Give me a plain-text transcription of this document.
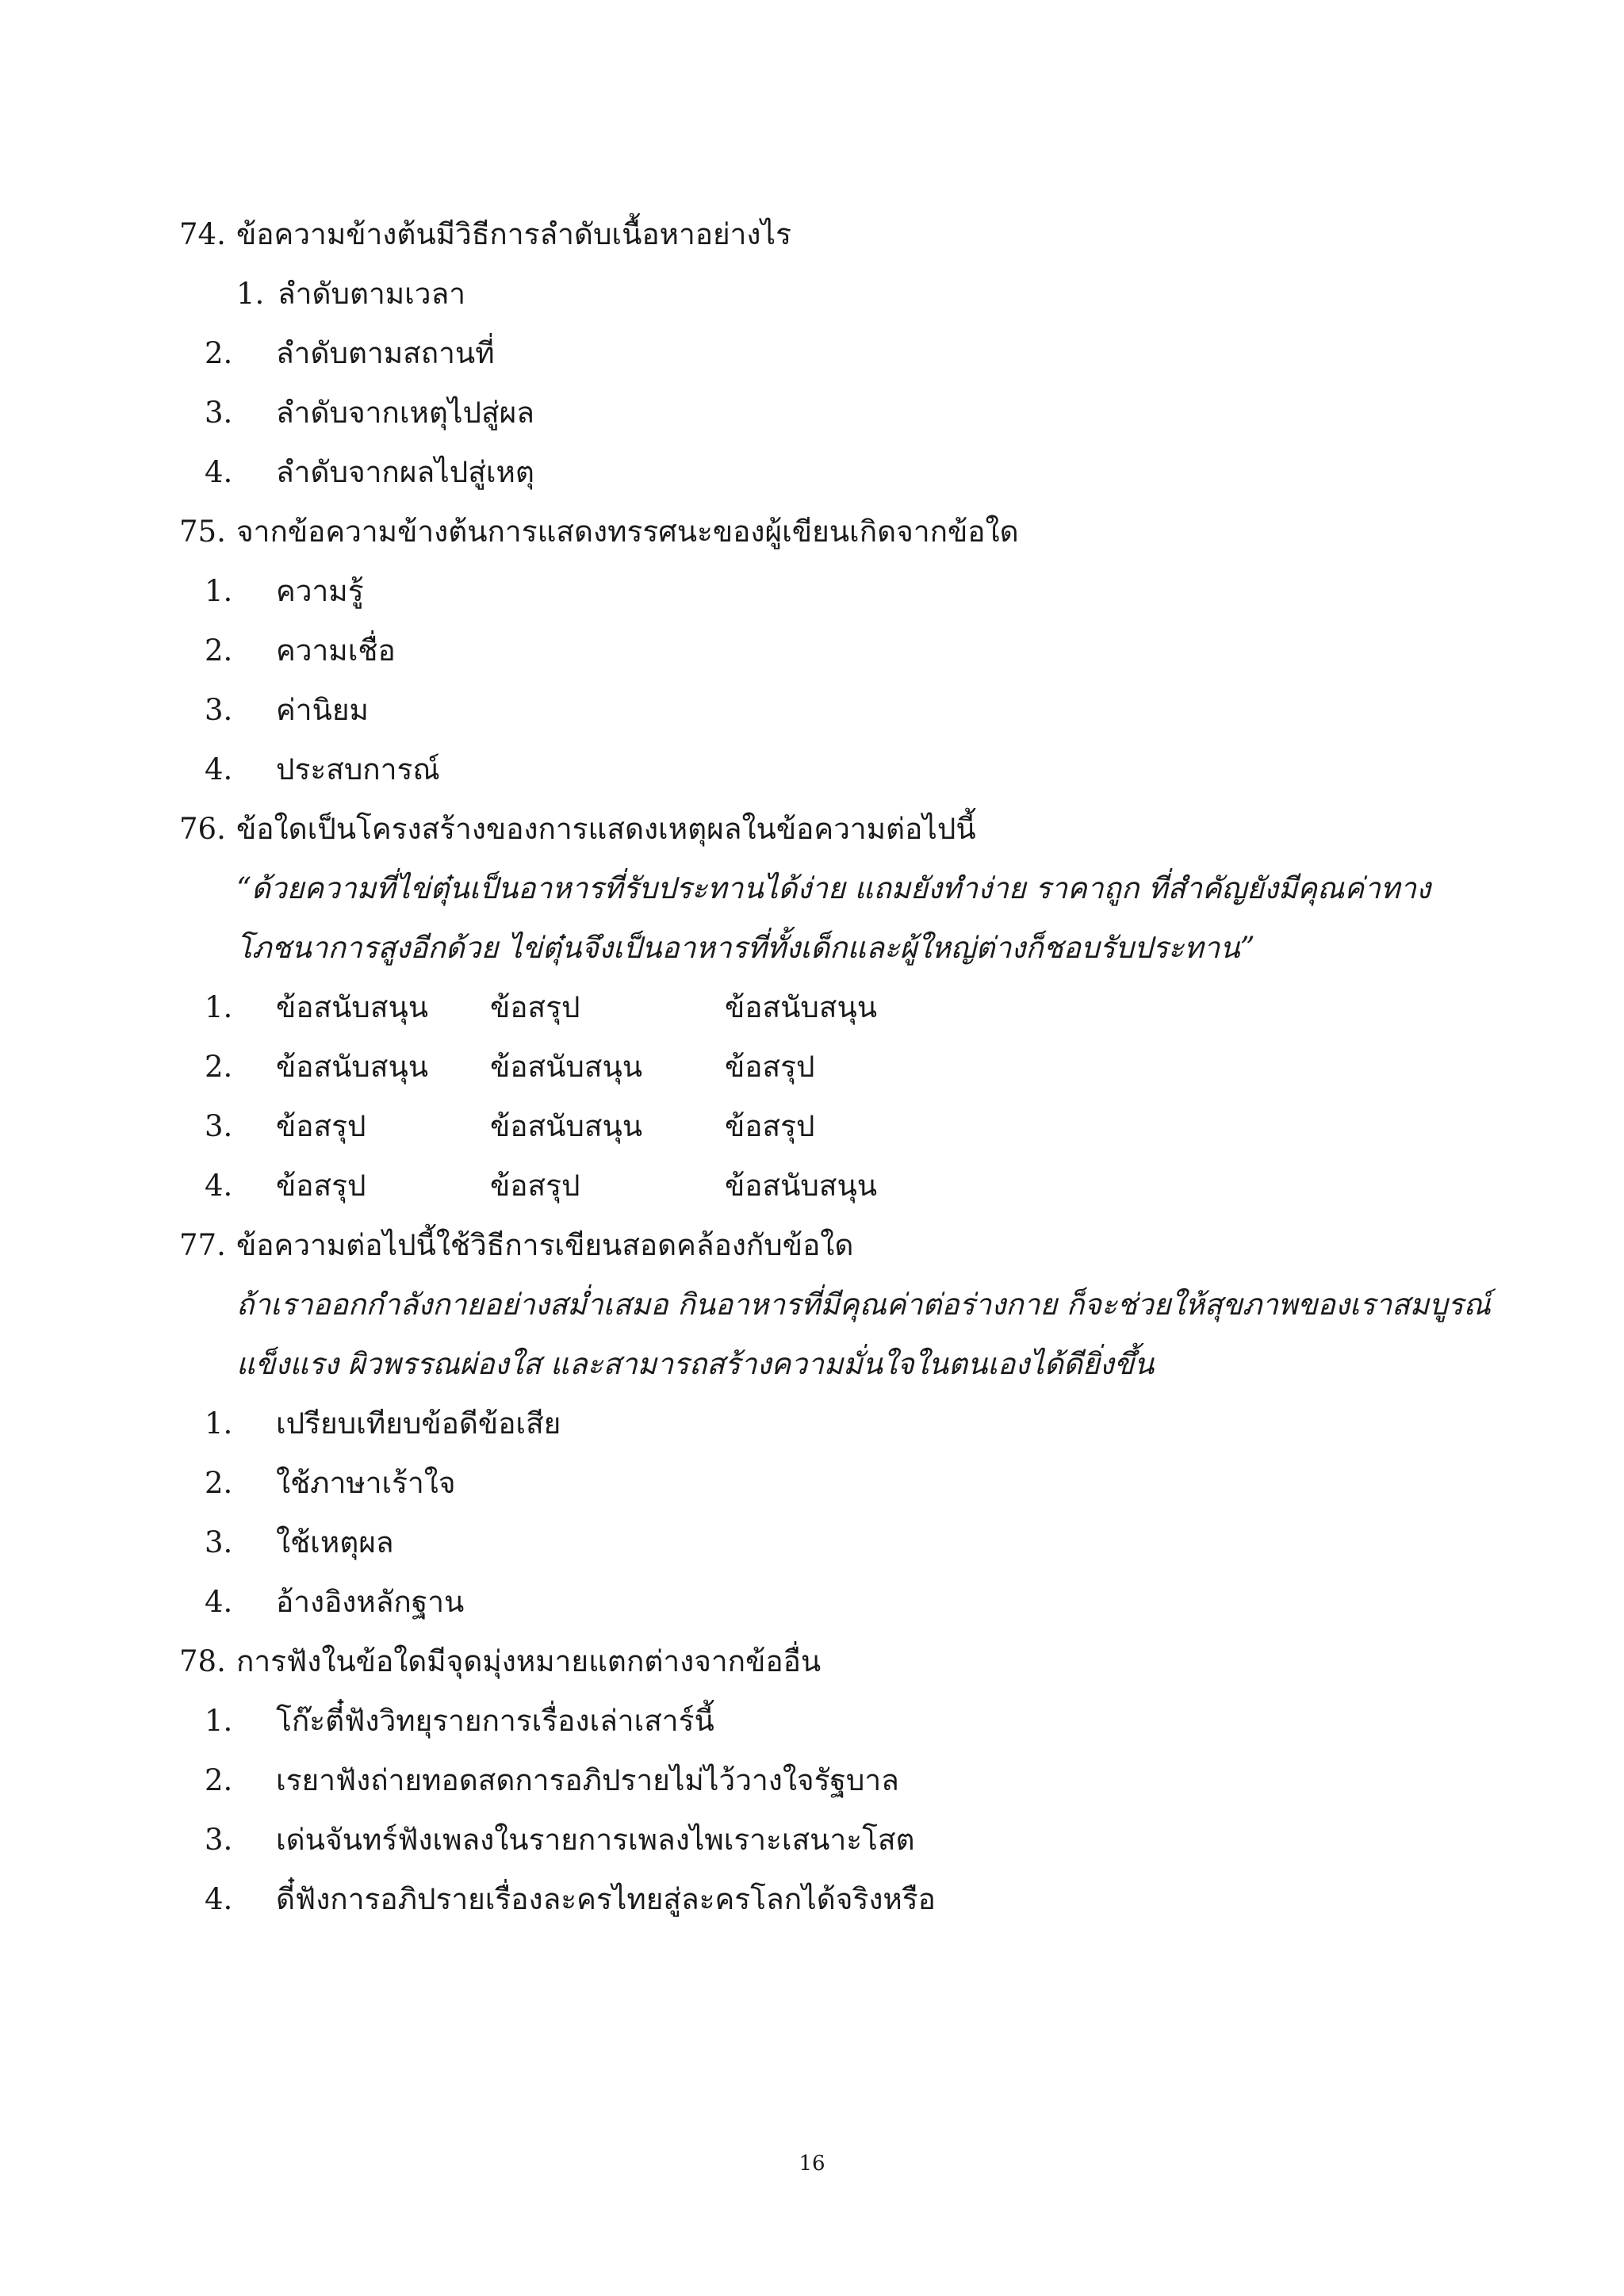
74. ข้อความข้างต้นมีวิธีการลำดับเนื้อหาอย่างไร
1. ลำดับตามเวลา
2.	ลำดับตามสถานที่
3.	ลำดับจากเหตุไปสู่ผล
4.	ลำดับจากผลไปสู่เหตุ
75. จากข้อความข้างต้นการแสดงทรรศนะของผู้เขียนเกิดจากข้อใด
1.	ความรู้
2.	ความเชื่อ
3.	ค่านิยม
4.	ประสบการณ์
76. ข้อใดเป็นโครงสร้างของการแสดงเหตุผลในข้อความต่อไปนี้
“ด้วยความที่ไข่ตุ๋นเป็นอาหารที่รับประทานได้ง่าย แถมยังทำง่าย ราคาถูก ที่สำคัญยังมีคุณค่าทาง
โภชนาการสูงอีกด้วย ไข่ตุ๋นจึงเป็นอาหารที่ทั้งเด็กและผู้ใหญ่ต่างก็ชอบรับประทาน”
1.	ข้อสนับสนุน	ข้อสรุป	ข้อสนับสนุน
2.	ข้อสนับสนุน	ข้อสนับสนุน	ข้อสรุป
3.	ข้อสรุป	ข้อสนับสนุน	ข้อสรุป
4.	ข้อสรุป	ข้อสรุป	ข้อสนับสนุน
77. ข้อความต่อไปนี้ใช้วิธีการเขียนสอดคล้องกับข้อใด
ถ้าเราออกกำลังกายอย่างสม่ำเสมอ กินอาหารที่มีคุณค่าต่อร่างกาย ก็จะช่วยให้สุขภาพของเราสมบูรณ์
แข็งแรง ผิวพรรณผ่องใส และสามารถสร้างความมั่นใจในตนเองได้ดียิ่งขึ้น
1.	เปรียบเทียบข้อดีข้อเสีย
2.	ใช้ภาษาเร้าใจ
3.	ใช้เหตุผล
4.	อ้างอิงหลักฐาน
78. การฟังในข้อใดมีจุดมุ่งหมายแตกต่างจากข้ออื่น
1.	โก๊ะตี๋ฟังวิทยุรายการเรื่องเล่าเสาร์นี้
2.	เรยาฟังถ่ายทอดสดการอภิปรายไม่ไว้วางใจรัฐบาล
3.	เด่นจันทร์ฟังเพลงในรายการเพลงไพเราะเสนาะโสต
4.	ดี๋ฟังการอภิปรายเรื่องละครไทยสู่ละครโลกได้จริงหรือ
16
